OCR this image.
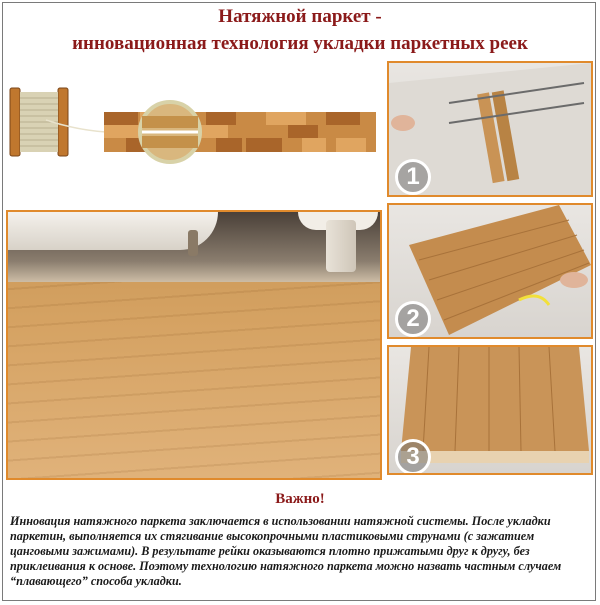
Натяжной паркет -
инновационная технология укладки паркетных реек
1
2
3
Важно!
Инновация натяжного паркета заключается в использовании натяжной системы. После укладки паркетин, выполняется их стягивание высокопрочными пластиковыми струнами (с зажатием цанговыми зажимами). В результате рейки оказываются плотно прижатыми друг к другу, без приклеивания к основе. Поэтому технологию натяжного паркета можно назвать частным случаем “плавающего” способа укладки.
